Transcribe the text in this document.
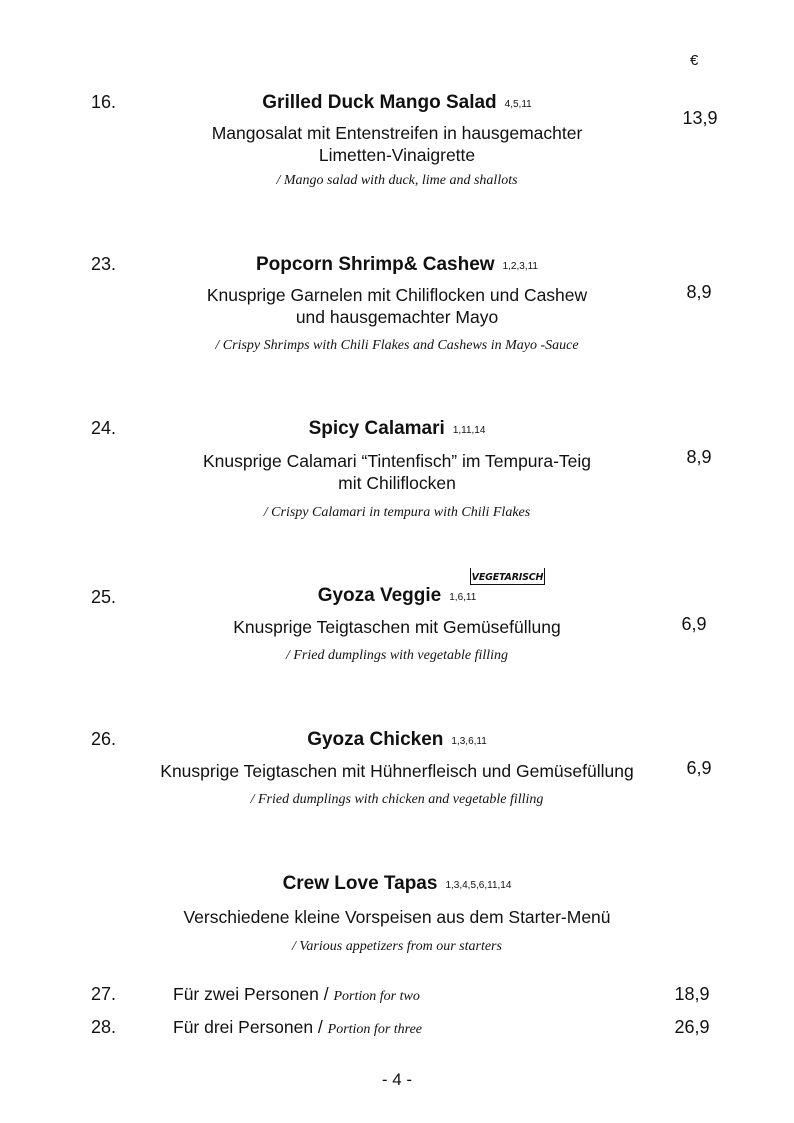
€
16.	Grilled Duck Mango Salad 4,5,11
Mangosalat mit Entenstreifen in hausgemachter
Limetten-Vinaigrette
/ Mango salad with duck, lime and shallots
13,9
23.	Popcorn Shrimp& Cashew 1,2,3,11
Knusprige Garnelen mit Chiliflocken und Cashew
und hausgemachter Mayo
/ Crispy Shrimps with Chili Flakes and Cashews in Mayo -Sauce
8,9
24.	Spicy Calamari 1,11,14
Knusprige Calamari “Tintenfisch” im Tempura-Teig
mit Chiliflocken
/ Crispy Calamari in tempura with Chili Flakes
8,9
25.
VEGETARISCH
Gyoza Veggie 1,6,11
Knusprige Teigtaschen mit Gemüsefüllung
/ Fried dumplings with vegetable filling
6,9
26.	Gyoza Chicken 1,3,6,11
Knusprige Teigtaschen mit Hühnerfleisch und Gemüsefüllung
/ Fried dumplings with chicken and vegetable filling
6,9
Crew Love Tapas 1,3,4,5,6,11,14
Verschiedene kleine Vorspeisen aus dem Starter-Menü
/ Various appetizers from our starters
27.	Für zwei Personen / Portion for two	18,9
28.	Für drei Personen / Portion for three	26,9
- 4 -
